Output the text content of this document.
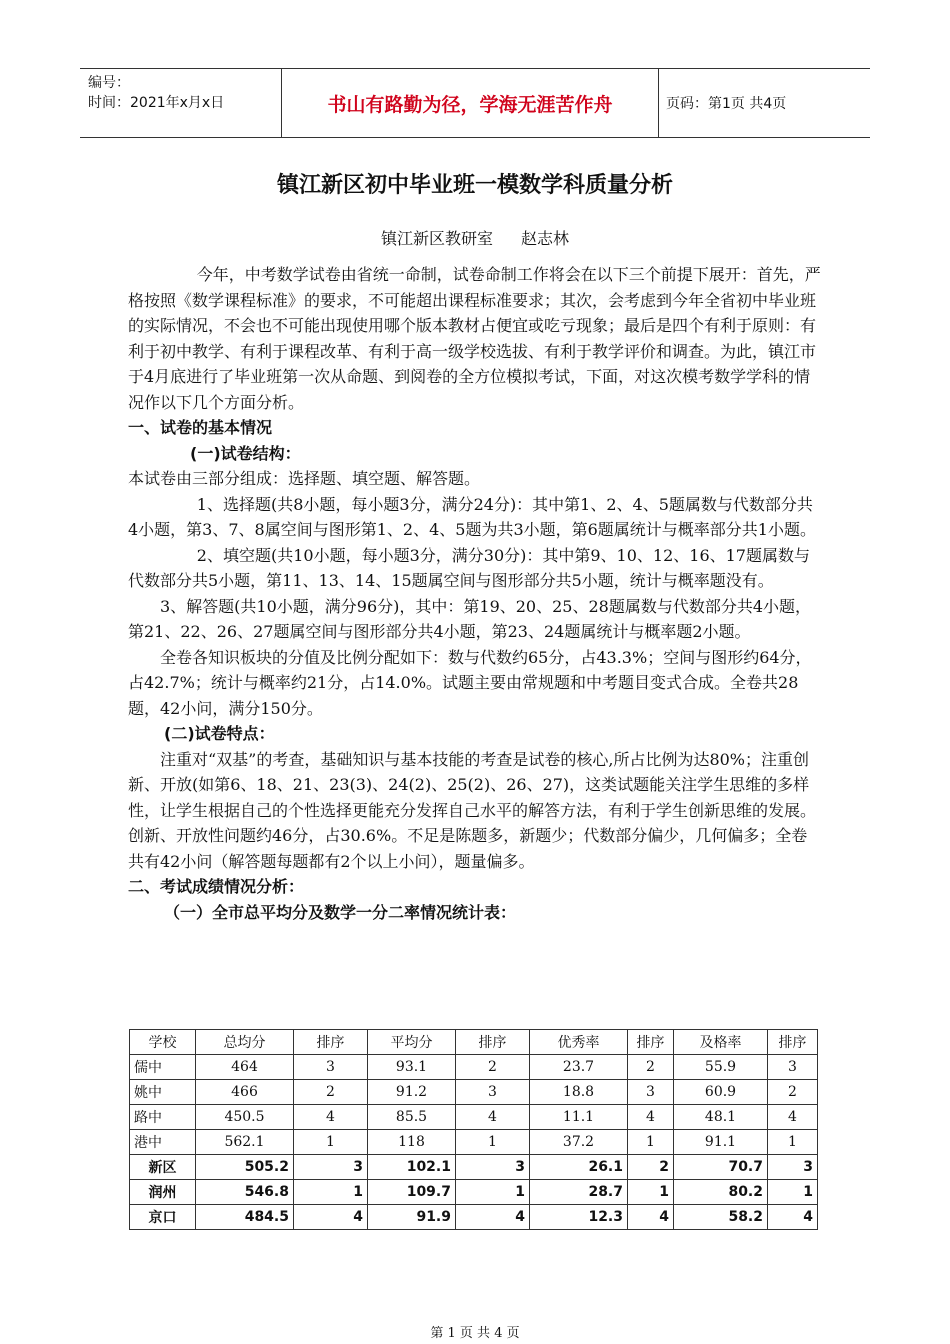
编号：
时间：2021年x月x日	书山有路勤为径，学海无涯苦作舟	页码：第1页 共4页
镇江新区初中毕业班一模数学科质量分析
镇江新区教研室 赵志林

今年，中考数学试卷由省统一命制，试卷命制工作将会在以下三个前提下展开：首先，严格按照《数学课程标准》的要求，不可能超出课程标准要求；其次，会考虑到今年全省初中毕业班的实际情况，不会也不可能出现使用哪个版本教材占便宜或吃亏现象；最后是四个有利于原则：有利于初中教学、有利于课程改革、有利于高一级学校选拔、有利于教学评价和调查。为此，镇江市于4月底进行了毕业班第一次从命题、到阅卷的全方位模拟考试，下面，对这次模考数学学科的情况作以下几个方面分析。

一、试卷的基本情况

(一)试卷结构：

本试卷由三部分组成：选择题、填空题、解答题。

1、选择题(共8小题，每小题3分，满分24分)：其中第1、2、4、5题属数与代数部分共4小题，第3、7、8属空间与图形第1、2、4、5题为共3小题，第6题属统计与概率部分共1小题。

2、填空题(共10小题，每小题3分，满分30分)：其中第9、10、12、16、17题属数与代数部分共5小题，第11、13、14、15题属空间与图形部分共5小题，统计与概率题没有。

3、解答题(共10小题，满分96分)，其中：第19、20、25、28题属数与代数部分共4小题，第21、22、26、27题属空间与图形部分共4小题，第23、24题属统计与概率题2小题。

全卷各知识板块的分值及比例分配如下：数与代数约65分，占43.3%；空间与图形约64分，占42.7%；统计与概率约21分，占14.0%。试题主要由常规题和中考题目变式合成。全卷共28题，42小问，满分150分。

(二)试卷特点：

注重对“双基”的考查，基础知识与基本技能的考查是试卷的核心,所占比例为达80%；注重创新、开放(如第6、18、21、23(3)、24(2)、25(2)、26、27)，这类试题能关注学生思维的多样性，让学生根据自己的个性选择更能充分发挥自己水平的解答方法，有利于学生创新思维的发展。创新、开放性问题约46分，占30.6%。不足是陈题多，新题少；代数部分偏少，几何偏多；全卷共有42小问（解答题每题都有2个以上小问），题量偏多。

二、考试成绩情况分析：

（一）全市总平均分及数学一分二率情况统计表：

学校	总均分	排序	平均分	排序	优秀率	排序	及格率	排序
儒中	464	3	93.1	2	23.7	2	55.9	3
姚中	466	2	91.2	3	18.8	3	60.9	2
路中	450.5	4	85.5	4	11.1	4	48.1	4
港中	562.1	1	118	1	37.2	1	91.1	1
新区	505.2	3	102.1	3	26.1	2	70.7	3
润州	546.8	1	109.7	1	28.7	1	80.2	1
京口	484.5	4	91.9	4	12.3	4	58.2	4
第 1 页 共 4 页
